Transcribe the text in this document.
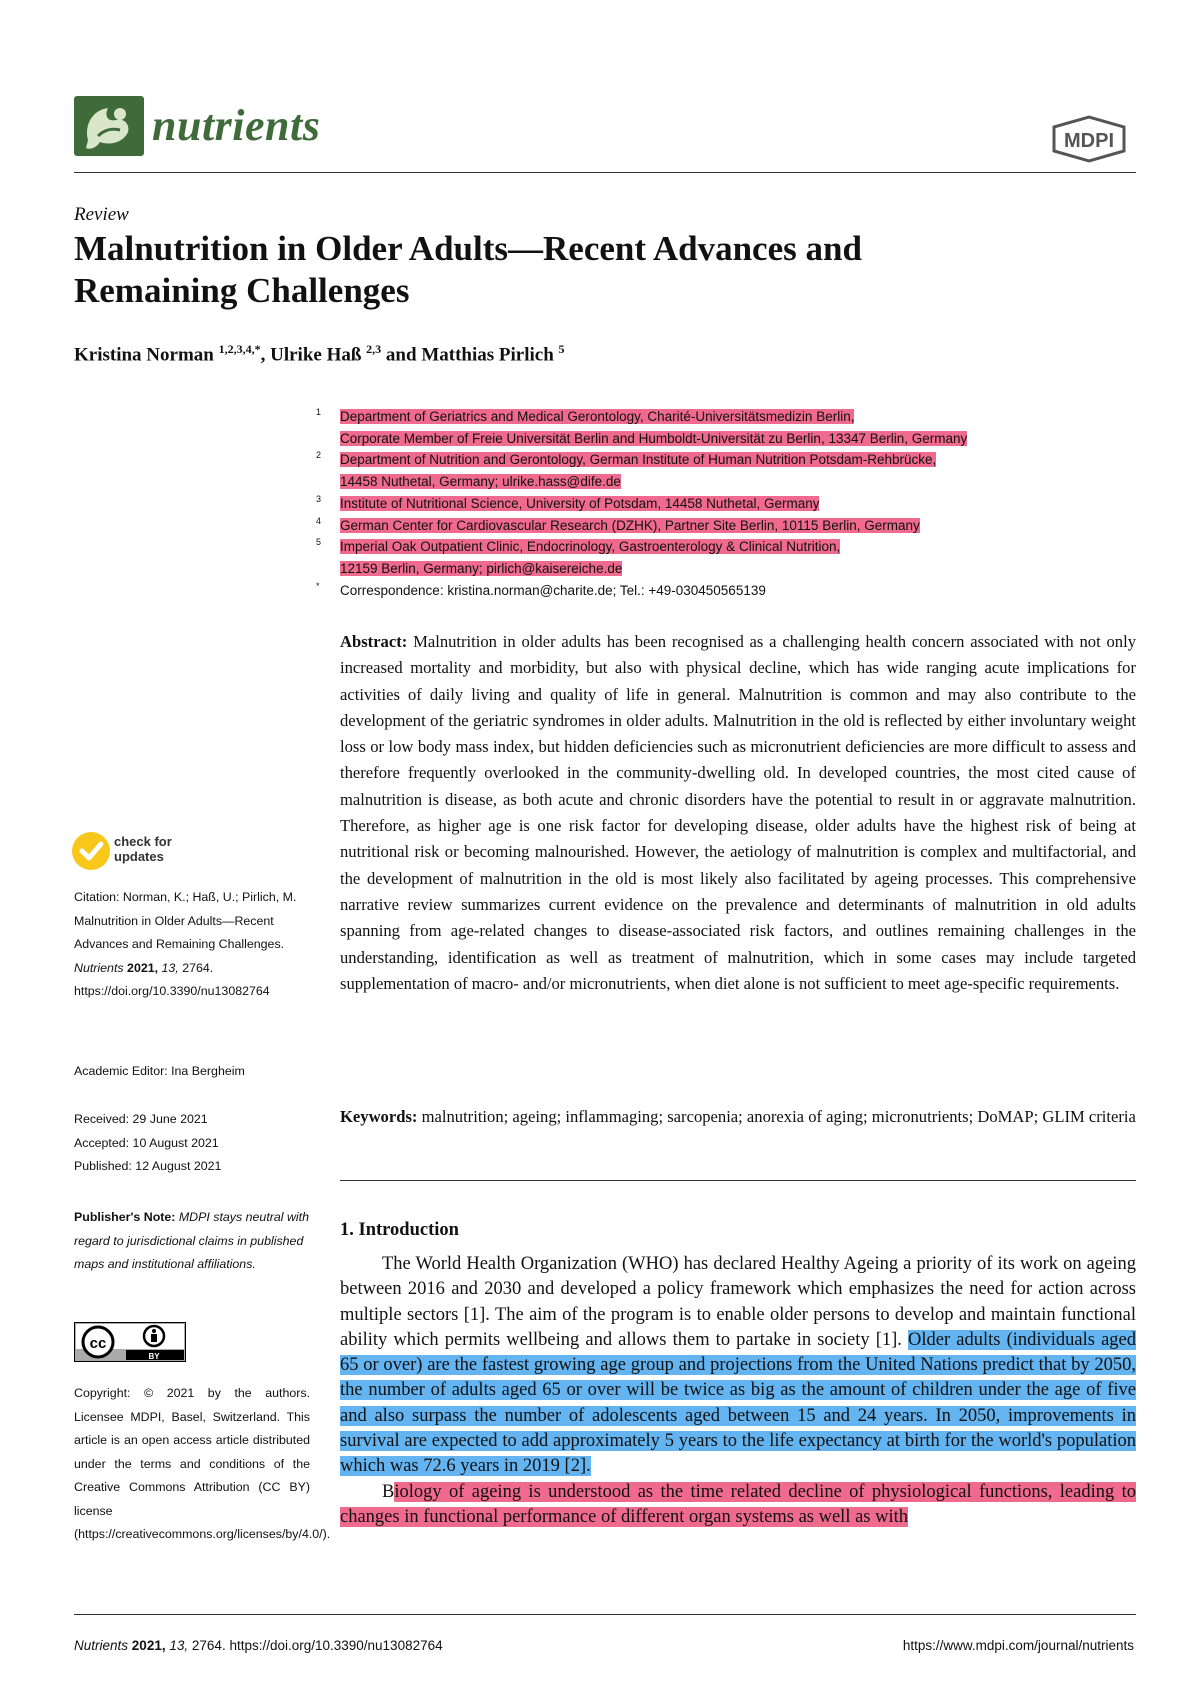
nutrients	MDPI
Review
Malnutrition in Older Adults—Recent Advances and
Remaining Challenges
Kristina Norman $^{1,2,3,4,*}$, Ulrike Haß $^{2,3}$ and Matthias Pirlich $^5$
1 Department of Geriatrics and Medical Gerontology, Charité-Universitätsmedizin Berlin,
Corporate Member of Freie Universität Berlin and Humboldt-Universität zu Berlin, 13347 Berlin, Germany
2 Department of Nutrition and Gerontology, German Institute of Human Nutrition Potsdam-Rehbrücke,
14458 Nuthetal, Germany; ulrike.hass@dife.de
3 Institute of Nutritional Science, University of Potsdam, 14458 Nuthetal, Germany
4 German Center for Cardiovascular Research (DZHK), Partner Site Berlin, 10115 Berlin, Germany
5 Imperial Oak Outpatient Clinic, Endocrinology, Gastroenterology & Clinical Nutrition,
12159 Berlin, Germany; pirlich@kaisereiche.de
* Correspondence: kristina.norman@charite.de; Tel.: +49-030450565139
Abstract: Malnutrition in older adults has been recognised as a challenging health concern associated with not only increased mortality and morbidity, but also with physical decline, which has wide ranging acute implications for activities of daily living and quality of life in general. Malnutrition is common and may also contribute to the development of the geriatric syndromes in older adults. Malnutrition in the old is reflected by either involuntary weight loss or low body mass index, but hidden deficiencies such as micronutrient deficiencies are more difficult to assess and therefore frequently overlooked in the community-dwelling old. In developed countries, the most cited cause of malnutrition is disease, as both acute and chronic disorders have the potential to result in or aggravate malnutrition. Therefore, as higher age is one risk factor for developing disease, older adults have the highest risk of being at nutritional risk or becoming malnourished. However, the aetiology of malnutrition is complex and multifactorial, and the development of malnutrition in the old is most likely also facilitated by ageing processes. This comprehensive narrative review summarizes current evidence on the prevalence and determinants of malnutrition in old adults spanning from age-related changes to disease-associated risk factors, and outlines remaining challenges in the understanding, identification as well as treatment of malnutrition, which in some cases may include targeted supplementation of macro- and/or micronutrients, when diet alone is not sufficient to meet age-specific requirements.
Keywords: malnutrition; ageing; inflammaging; sarcopenia; anorexia of aging; micronutrients; DoMAP; GLIM criteria
check for
updates
Citation: Norman, K.; Haß, U.; Pirlich, M. Malnutrition in Older Adults—Recent Advances and Remaining Challenges. Nutrients 2021, 13, 2764. https://doi.org/10.3390/nu13082764
Academic Editor: Ina Bergheim
Received: 29 June 2021
Accepted: 10 August 2021
Published: 12 August 2021
Publisher's Note: MDPI stays neutral with regard to jurisdictional claims in published maps and institutional affiliations.
cc
BY
Copyright: © 2021 by the authors. Licensee MDPI, Basel, Switzerland. This article is an open access article distributed under the terms and conditions of the Creative Commons Attribution (CC BY) license (https://creativecommons.org/licenses/by/4.0/).
1. Introduction

The World Health Organization (WHO) has declared Healthy Ageing a priority of its work on ageing between 2016 and 2030 and developed a policy framework which emphasizes the need for action across multiple sectors [1]. The aim of the program is to enable older persons to develop and maintain functional ability which permits wellbeing and allows them to partake in society [1]. Older adults (individuals aged 65 or over) are the fastest growing age group and projections from the United Nations predict that by 2050, the number of adults aged 65 or over will be twice as big as the amount of children under the age of five and also surpass the number of adolescents aged between 15 and 24 years. In 2050, improvements in survival are expected to add approximately 5 years to the life expectancy at birth for the world's population which was 72.6 years in 2019 [2].

Biology of ageing is understood as the time related decline of physiological functions, leading to changes in functional performance of different organ systems as well as with

Nutrients 2021, 13, 2764. https://doi.org/10.3390/nu13082764	https://www.mdpi.com/journal/nutrients
